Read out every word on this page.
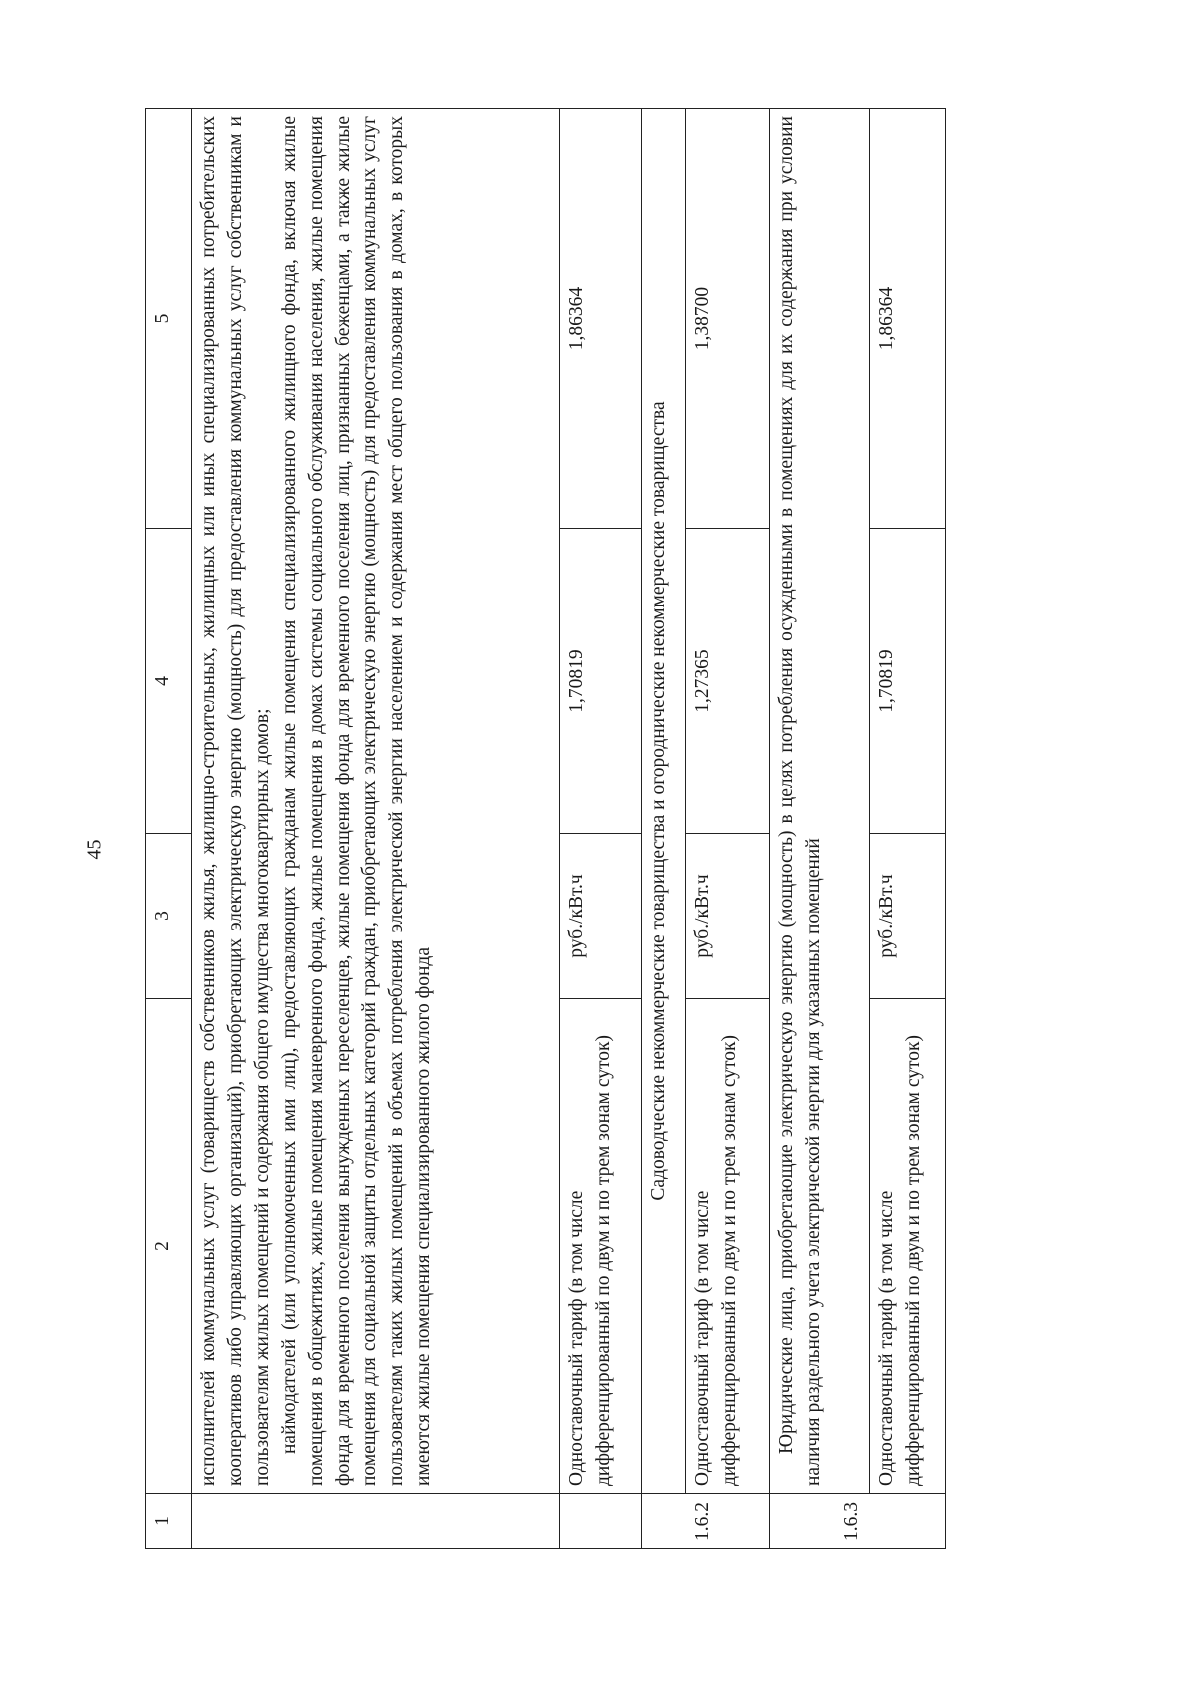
45
1	2	3	4	5

	исполнителей коммунальных услуг (товариществ собственников жилья, жилищно-строительных, жилищных или иных специализированных потребительских кооперативов либо управляющих организаций), приобретающих электрическую энергию (мощность) для предоставления коммунальных услуг собственникам и пользователям жилых помещений и содержания общего имущества многоквартирных домов; наймодателей (или уполномоченных ими лиц), предоставляющих гражданам жилые помещения специализированного жилищного фонда, включая жилые помещения в общежитиях, жилые помещения маневренного фонда, жилые помещения в домах системы социального обслуживания населения, жилые помещения фонда для временного поселения вынужденных переселенцев, жилые помещения фонда для временного поселения лиц, признанных беженцами, а также жилые помещения для социальной защиты отдельных категорий граждан, приобретающих электрическую энергию (мощность) для предоставления коммунальных услуг пользователям таких жилых помещений в объемах потребления электрической энергии населением и содержания мест общего пользования в домах, в которых имеются жилые помещения специализированного жилого фонда			

	Одноставочный тариф (в том числе дифференцированный по двум и по трем зонам суток)	руб./кВт.ч	1,70819	1,86364
	Садоводческие некоммерческие товарищества и огороднические некоммерческие товарищества			
1.6.2	Одноставочный тариф (в том числе дифференцированный по двум и по трем зонам суток)	руб./кВт.ч	1,27365	1,38700
1.6.3	Юридические лица, приобретающие электрическую энергию (мощность) в целях потребления осужденными в помещениях для их содержания при условии наличия раздельного учета электрической энергии для указанных помещений			

	Одноставочный тариф (в том числе дифференцированный по двум и по трем зонам суток)	руб./кВт.ч	1,70819	1,86364
